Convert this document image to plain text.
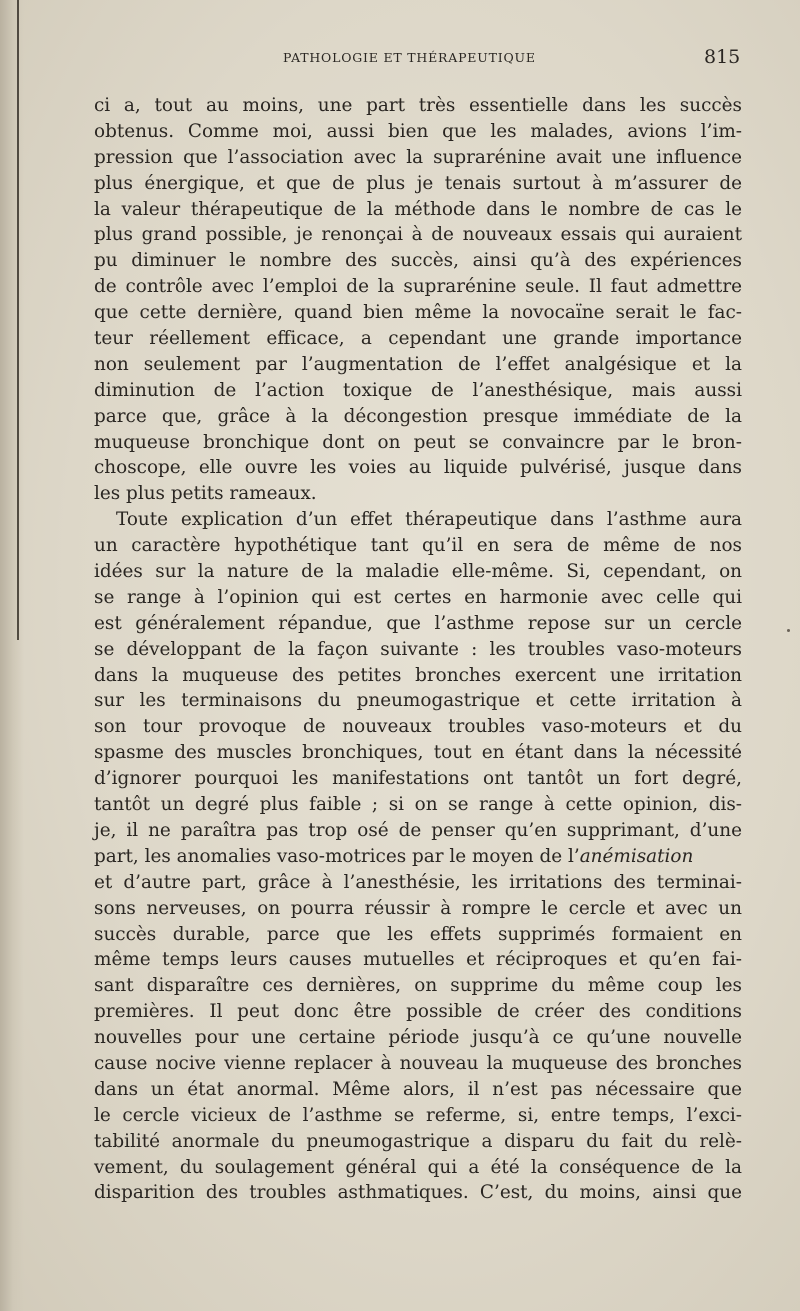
PATHOLOGIE ET THÉRAPEUTIQUE	815
ci a, tout au moins, une part très essentielle dans les succès
obtenus. Comme moi, aussi bien que les malades, avions l’im-
pression que l’association avec la suprarénine avait une influence
plus énergique, et que de plus je tenais surtout à m’assurer de
la valeur thérapeutique de la méthode dans le nombre de cas le
plus grand possible, je renonçai à de nouveaux essais qui auraient
pu diminuer le nombre des succès, ainsi qu’à des expériences
de contrôle avec l’emploi de la suprarénine seule. Il faut admettre
que cette dernière, quand bien même la novocaïne serait le fac-
teur réellement efficace, a cependant une grande importance
non seulement par l’augmentation de l’effet analgésique et la
diminution de l’action toxique de l’anesthésique, mais aussi
parce que, grâce à la décongestion presque immédiate de la
muqueuse bronchique dont on peut se convaincre par le bron-
choscope, elle ouvre les voies au liquide pulvérisé, jusque dans
les plus petits rameaux.
Toute explication d’un effet thérapeutique dans l’asthme aura
un caractère hypothétique tant qu’il en sera de même de nos
idées sur la nature de la maladie elle-même. Si, cependant, on
se range à l’opinion qui est certes en harmonie avec celle qui
est généralement répandue, que l’asthme repose sur un cercle
se développant de la façon suivante : les troubles vaso-moteurs
dans la muqueuse des petites bronches exercent une irritation
sur les terminaisons du pneumogastrique et cette irritation à
son tour provoque de nouveaux troubles vaso-moteurs et du
spasme des muscles bronchiques, tout en étant dans la nécessité
d’ignorer pourquoi les manifestations ont tantôt un fort degré,
tantôt un degré plus faible ; si on se range à cette opinion, dis-
je, il ne paraîtra pas trop osé de penser qu’en supprimant, d’une
part, les anomalies vaso-motrices par le moyen de l’anémisation
et d’autre part, grâce à l’anesthésie, les irritations des terminai-
sons nerveuses, on pourra réussir à rompre le cercle et avec un
succès durable, parce que les effets supprimés formaient en
même temps leurs causes mutuelles et réciproques et qu’en fai-
sant disparaître ces dernières, on supprime du même coup les
premières. Il peut donc être possible de créer des conditions
nouvelles pour une certaine période jusqu’à ce qu’une nouvelle
cause nocive vienne replacer à nouveau la muqueuse des bronches
dans un état anormal. Même alors, il n’est pas nécessaire que
le cercle vicieux de l’asthme se referme, si, entre temps, l’exci-
tabilité anormale du pneumogastrique a disparu du fait du relè-
vement, du soulagement général qui a été la conséquence de la
disparition des troubles asthmatiques. C’est, du moins, ainsi que
